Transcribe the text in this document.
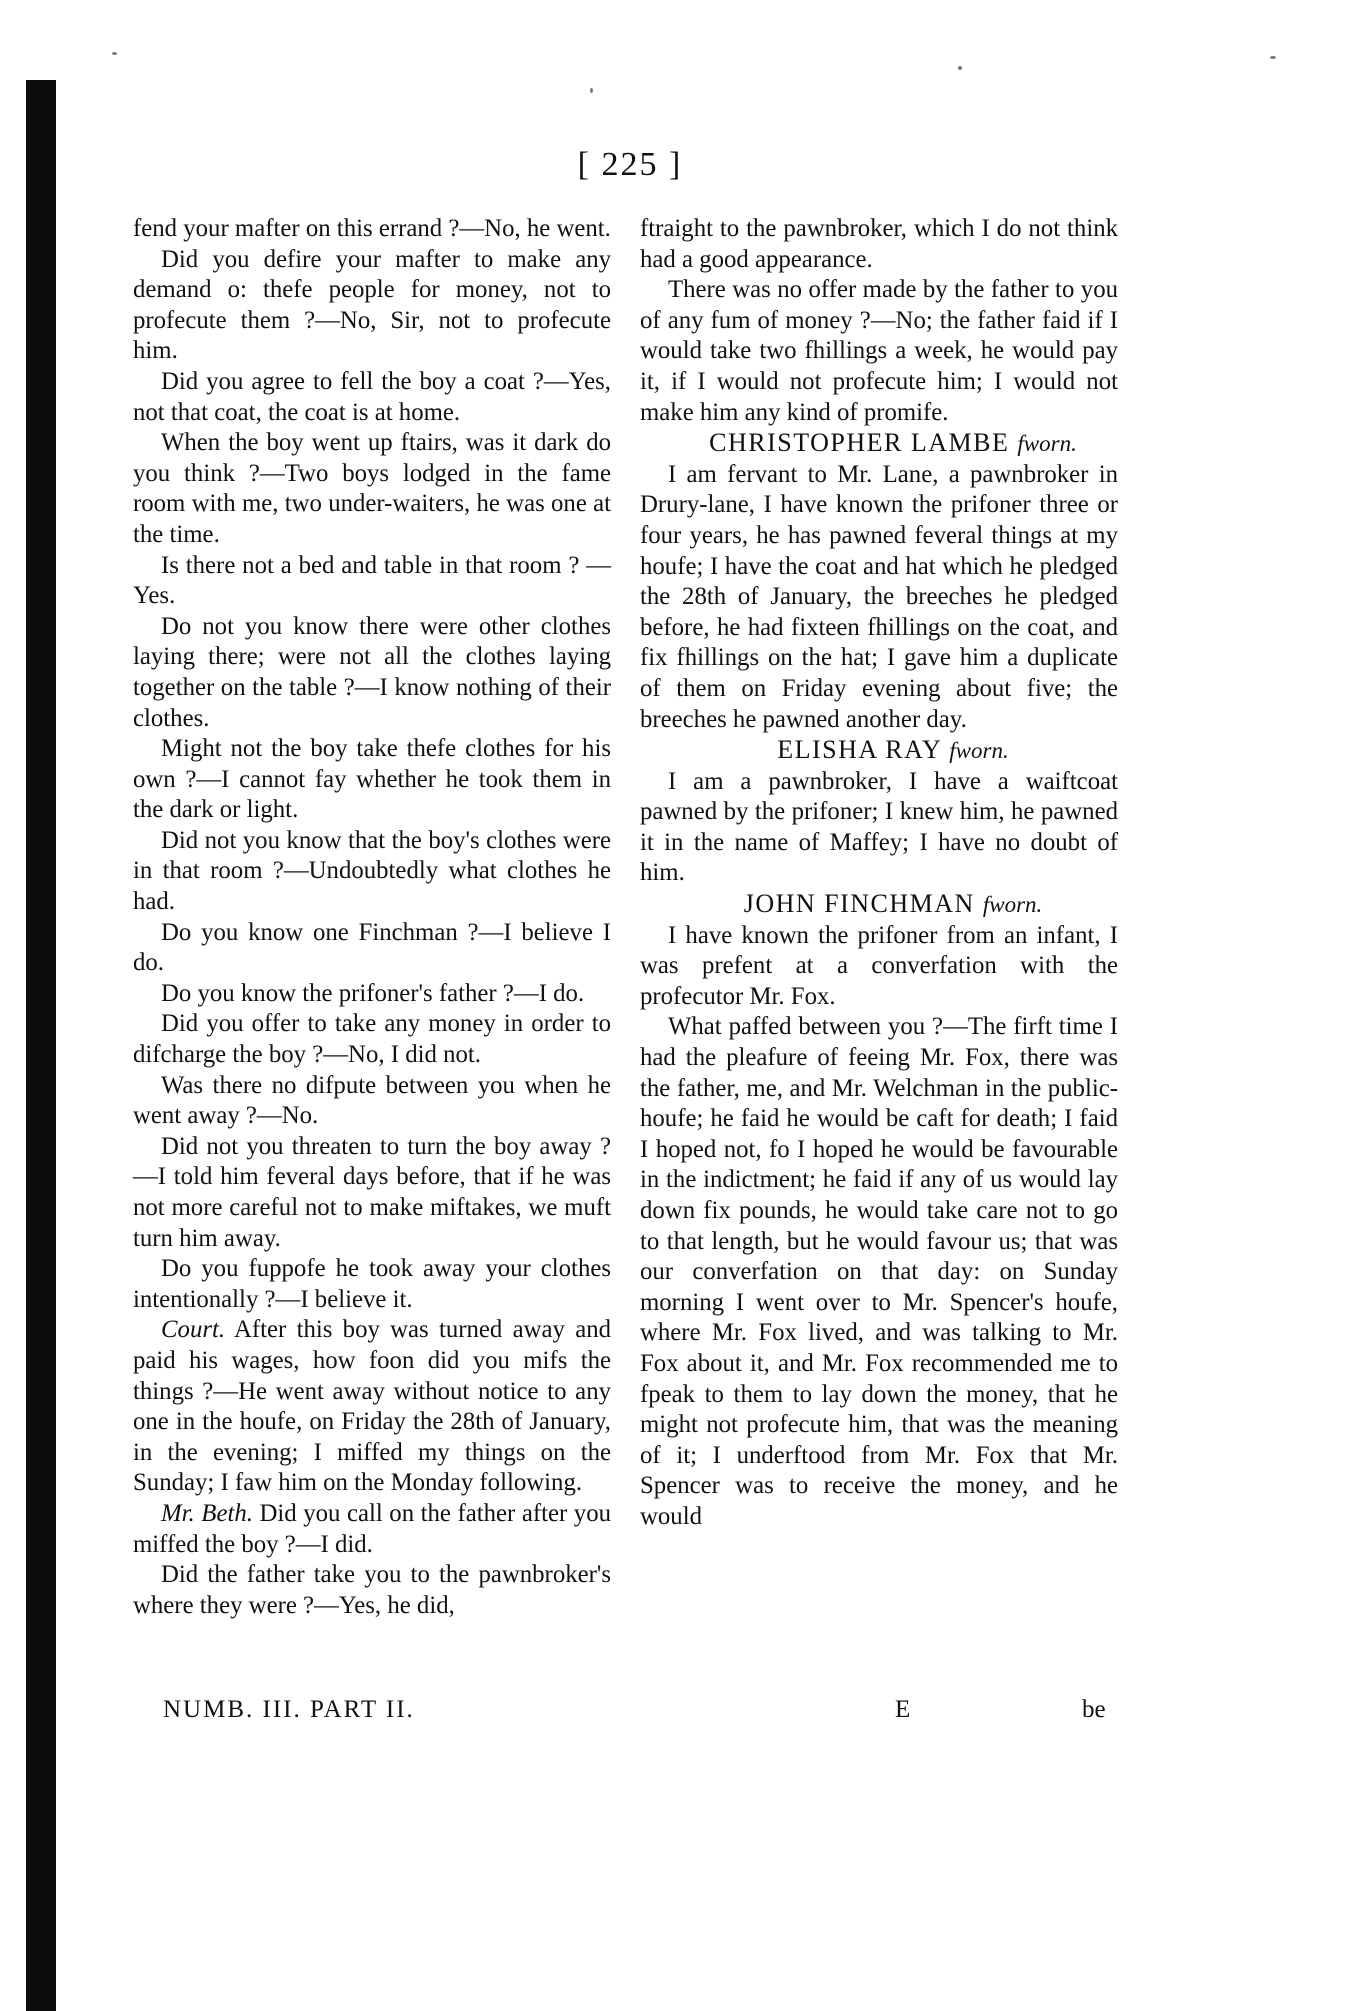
[ 225 ]

fend your mafter on this errand ?—No, he went.

Did you defire your mafter to make any demand o: thefe people for money, not to profecute them ?—No, Sir, not to profecute him.

Did you agree to fell the boy a coat ?—Yes, not that coat, the coat is at home.

When the boy went up ftairs, was it dark do you think ?—Two boys lodged in the fame room with me, two under-waiters, he was one at the time.

Is there not a bed and table in that room ? —Yes.

Do not you know there were other clothes laying there; were not all the clothes laying together on the table ?—I know nothing of their clothes.

Might not the boy take thefe clothes for his own ?—I cannot fay whether he took them in the dark or light.

Did not you know that the boy's clothes were in that room ?—Undoubtedly what clothes he had.

Do you know one Finchman ?—I believe I do.

Do you know the prifoner's father ?—I do.

Did you offer to take any money in order to difcharge the boy ?—No, I did not.

Was there no difpute between you when he went away ?—No.

Did not you threaten to turn the boy away ?—I told him feveral days before, that if he was not more careful not to make miftakes, we muft turn him away.

Do you fuppofe he took away your clothes intentionally ?—I believe it.

Court. After this boy was turned away and paid his wages, how foon did you mifs the things ?—He went away without notice to any one in the houfe, on Friday the 28th of January, in the evening; I miffed my things on the Sunday; I faw him on the Monday following.

Mr. Beth. Did you call on the father after you miffed the boy ?—I did.

Did the father take you to the pawnbroker's where they were ?—Yes, he did,

ftraight to the pawnbroker, which I do not think had a good appearance.

There was no offer made by the father to you of any fum of money ?—No; the father faid if I would take two fhillings a week, he would pay it, if I would not profecute him; I would not make him any kind of promife.

CHRISTOPHER LAMBE fworn.

I am fervant to Mr. Lane, a pawnbroker in Drury-lane, I have known the prifoner three or four years, he has pawned feveral things at my houfe; I have the coat and hat which he pledged the 28th of January, the breeches he pledged before, he had fixteen fhillings on the coat, and fix fhillings on the hat; I gave him a duplicate of them on Friday evening about five; the breeches he pawned another day.

ELISHA RAY fworn.

I am a pawnbroker, I have a waiftcoat pawned by the prifoner; I knew him, he pawned it in the name of Maffey; I have no doubt of him.

JOHN FINCHMAN fworn.

I have known the prifoner from an infant, I was prefent at a converfation with the profecutor Mr. Fox.

What paffed between you ?—The firft time I had the pleafure of feeing Mr. Fox, there was the father, me, and Mr. Welchman in the public-houfe; he faid he would be caft for death; I faid I hoped not, fo I hoped he would be favourable in the indictment; he faid if any of us would lay down fix pounds, he would take care not to go to that length, but he would favour us; that was our converfation on that day: on Sunday morning I went over to Mr. Spencer's houfe, where Mr. Fox lived, and was talking to Mr. Fox about it, and Mr. Fox recommended me to fpeak to them to lay down the money, that he might not profecute him, that was the meaning of it; I underftood from Mr. Fox that Mr. Spencer was to receive the money, and he would

NUMB. III. PART II.	E	be
